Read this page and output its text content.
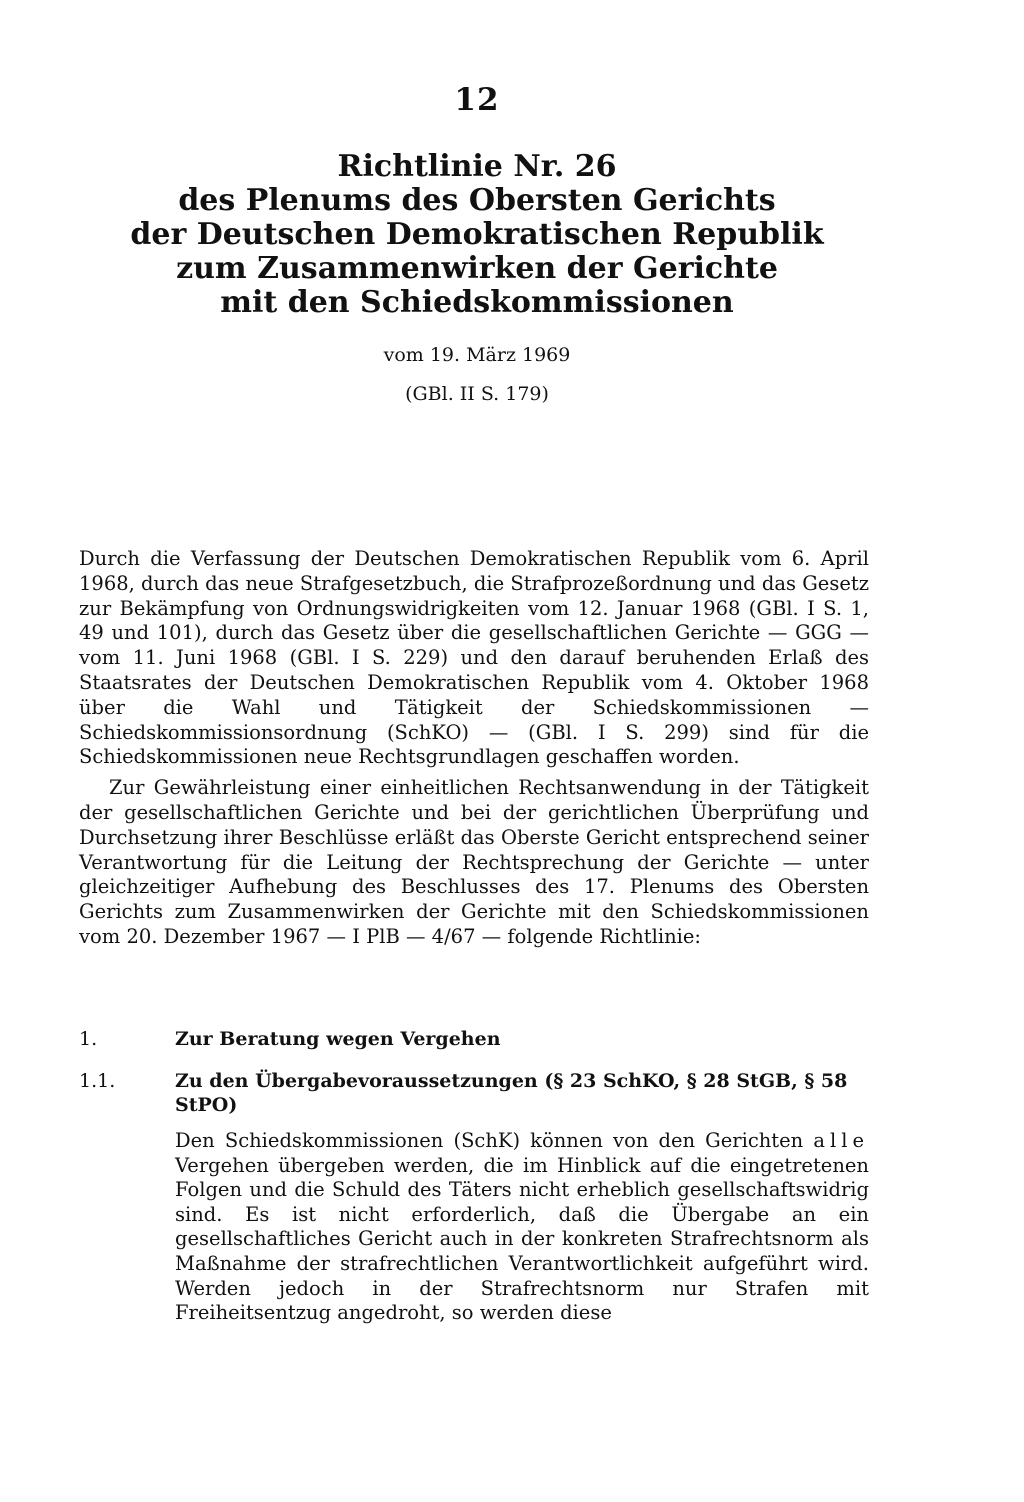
12
Richtlinie Nr. 26
des Plenums des Obersten Gerichts
der Deutschen Demokratischen Republik
zum Zusammenwirken der Gerichte
mit den Schiedskommissionen
vom 19. März 1969
(GBl. II S. 179)

Durch die Verfassung der Deutschen Demokratischen Republik vom 6. April 1968, durch das neue Strafgesetzbuch, die Strafprozeßordnung und das Gesetz zur Bekämpfung von Ordnungswidrigkeiten vom 12. Januar 1968 (GBl. I S. 1, 49 und 101), durch das Gesetz über die gesellschaftlichen Gerichte — GGG — vom 11. Juni 1968 (GBl. I S. 229) und den darauf beruhenden Erlaß des Staatsrates der Deutschen Demokratischen Republik vom 4. Oktober 1968 über die Wahl und Tätigkeit der Schiedskommissionen — Schiedskommissionsordnung (SchKO) — (GBl. I S. 299) sind für die Schiedskommissionen neue Rechtsgrundlagen geschaffen worden.

Zur Gewährleistung einer einheitlichen Rechtsanwendung in der Tätigkeit der gesellschaftlichen Gerichte und bei der gerichtlichen Überprüfung und Durchsetzung ihrer Beschlüsse erläßt das Oberste Gericht entsprechend seiner Verantwortung für die Leitung der Rechtsprechung der Gerichte — unter gleichzeitiger Aufhebung des Beschlusses des 17. Plenums des Obersten Gerichts zum Zusammenwirken der Gerichte mit den Schiedskommissionen vom 20. Dezember 1967 — I PlB — 4/67 — folgende Richtlinie:

1.	Zur Beratung wegen Vergehen
1.1.	Zu den Übergabevoraussetzungen (§ 23 SchKO, § 28 StGB, § 58 StPO)
Den Schiedskommissionen (SchK) können von den Gerichten alle Vergehen übergeben werden, die im Hinblick auf die eingetretenen Folgen und die Schuld des Täters nicht erheblich gesellschaftswidrig sind. Es ist nicht erforderlich, daß die Übergabe an ein gesellschaftliches Gericht auch in der konkreten Strafrechtsnorm als Maßnahme der strafrechtlichen Verantwortlichkeit aufgeführt wird. Werden jedoch in der Strafrechtsnorm nur Strafen mit Freiheitsentzug angedroht, so werden diese
